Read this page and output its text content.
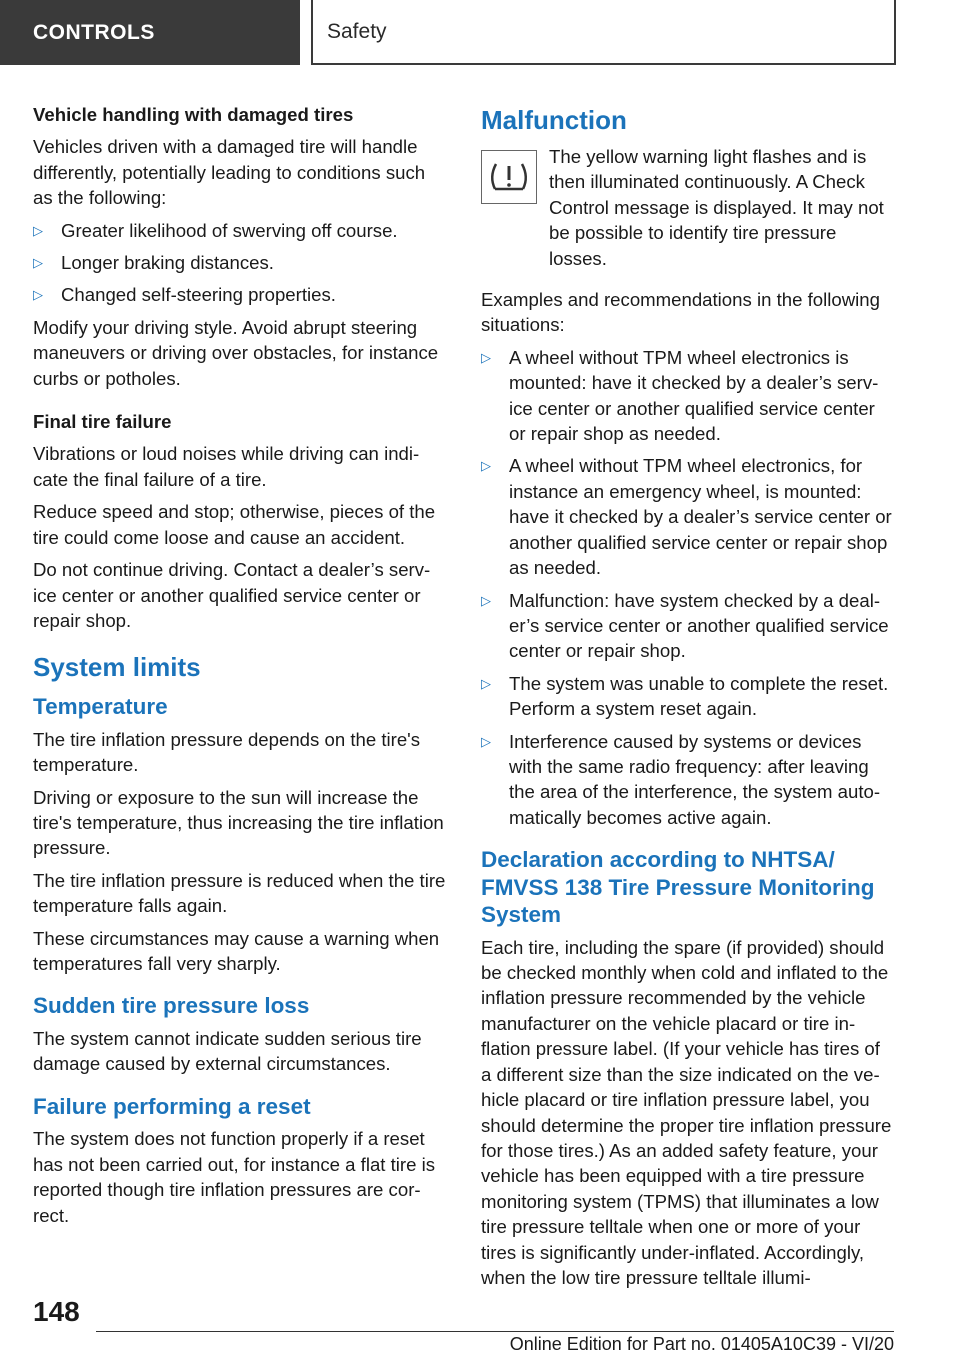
CONTROLS	Safety

Vehicle handling with damaged tires

Vehicles driven with a damaged tire will handle differently, potentially leading to conditions such as the following:

▷ Greater likelihood of swerving off course.
▷ Longer braking distances.
▷ Changed self-steering properties.

Modify your driving style. Avoid abrupt steering maneuvers or driving over obstacles, for instance curbs or potholes.

Final tire failure

Vibrations or loud noises while driving can indicate the final failure of a tire.

Reduce speed and stop; otherwise, pieces of the tire could come loose and cause an accident.

Do not continue driving. Contact a dealer’s service center or another qualified service center or repair shop.

System limits
Temperature

The tire inflation pressure depends on the tire's temperature.

Driving or exposure to the sun will increase the tire's temperature, thus increasing the tire inflation pressure.

The tire inflation pressure is reduced when the tire temperature falls again.

These circumstances may cause a warning when temperatures fall very sharply.

Sudden tire pressure loss

The system cannot indicate sudden serious tire damage caused by external circumstances.

Failure performing a reset

The system does not function properly if a reset has not been carried out, for instance a flat tire is reported though tire inflation pressures are correct.

Malfunction

The yellow warning light flashes and is then illuminated continuously. A Check Control message is displayed. It may not be possible to identify tire pressure losses.

Examples and recommendations in the following situations:

▷ A wheel without TPM wheel electronics is mounted: have it checked by a dealer’s service center or another qualified service center or repair shop as needed.
▷ A wheel without TPM wheel electronics, for instance an emergency wheel, is mounted: have it checked by a dealer’s service center or another qualified service center or repair shop as needed.
▷ Malfunction: have system checked by a dealer’s service center or another qualified service center or repair shop.
▷ The system was unable to complete the reset. Perform a system reset again.
▷ Interference caused by systems or devices with the same radio frequency: after leaving the area of the interference, the system automatically becomes active again.
Declaration according to NHTSA/ FMVSS 138 Tire Pressure Monitoring System

Each tire, including the spare (if provided) should be checked monthly when cold and inflated to the inflation pressure recommended by the vehicle manufacturer on the vehicle placard or tire inflation pressure label. (If your vehicle has tires of a different size than the size indicated on the vehicle placard or tire inflation pressure label, you should determine the proper tire inflation pressure for those tires.) As an added safety feature, your vehicle has been equipped with a tire pressure monitoring system (TPMS) that illuminates a low tire pressure telltale when one or more of your tires is significantly under-inflated. Accordingly, when the low tire pressure telltale illumi-

148
Online Edition for Part no. 01405A10C39 - VI/20
